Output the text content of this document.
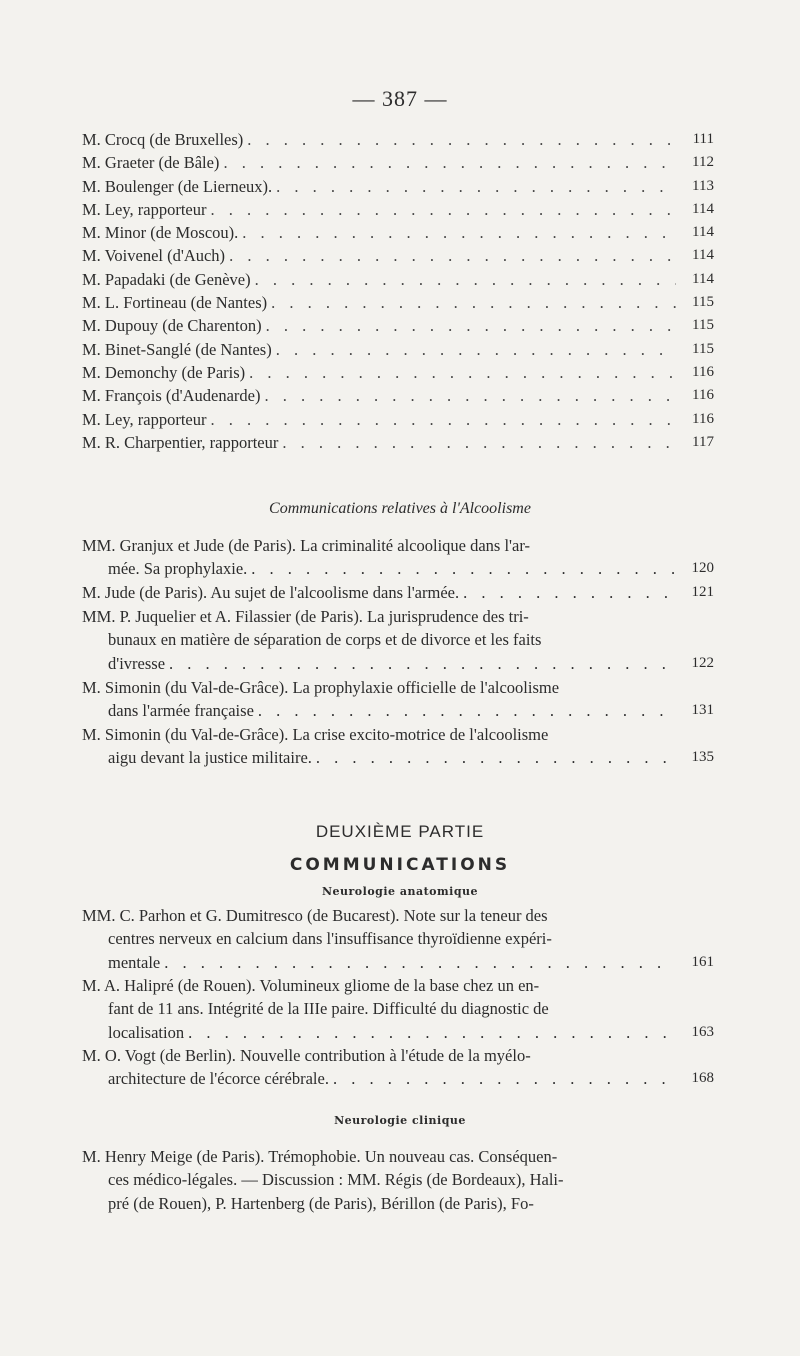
— 387 —
M. Crocq (de Bruxelles) . . .	111
M. Graeter (de Bâle) . . .	112
M. Boulenger (de Lierneux). . . .	113
M. Ley, rapporteur . . .	114
M. Minor (de Moscou). . . .	114
M. Voivenel (d'Auch) . . .	114
M. Papadaki (de Genève) . . .	114
M. L. Fortineau (de Nantes) . . .	115
M. Dupouy (de Charenton) . . .	115
M. Binet-Sanglé (de Nantes) . . .	115
M. Demonchy (de Paris) . . .	116
M. François (d'Audenarde) . . .	116
M. Ley, rapporteur . . .	116
M. R. Charpentier, rapporteur . . .	117
Communications relatives à l'Alcoolisme
MM. Granjux et Jude (de Paris). La criminalité alcoolique dans l'ar-
mée. Sa prophylaxie. . . .	120
M. Jude (de Paris). Au sujet de l'alcoolisme dans l'armée. . . .	121
MM. P. Juquelier et A. Filassier (de Paris). La jurisprudence des tri-
bunaux en matière de séparation de corps et de divorce et les faits
d'ivresse . . .	122
M. Simonin (du Val-de-Grâce). La prophylaxie officielle de l'alcoolisme
dans l'armée française . . .	131
M. Simonin (du Val-de-Grâce). La crise excito-motrice de l'alcoolisme
aigu devant la justice militaire. . . .	135
DEUXIÈME PARTIE
COMMUNICATIONS
Neurologie anatomique
MM. C. Parhon et G. Dumitresco (de Bucarest). Note sur la teneur des
centres nerveux en calcium dans l'insuffisance thyroïdienne expéri-
mentale . . .	161
M. A. Halipré (de Rouen). Volumineux gliome de la base chez un en-
fant de 11 ans. Intégrité de la IIIe paire. Difficulté du diagnostic de
localisation . . .	163
M. O. Vogt (de Berlin). Nouvelle contribution à l'étude de la myélo-
architecture de l'écorce cérébrale. . . .	168
Neurologie clinique
M. Henry Meige (de Paris). Trémophobie. Un nouveau cas. Conséquen-
ces médico-légales. — Discussion : MM. Régis (de Bordeaux), Hali-
pré (de Rouen), P. Hartenberg (de Paris), Bérillon (de Paris), Fo-
